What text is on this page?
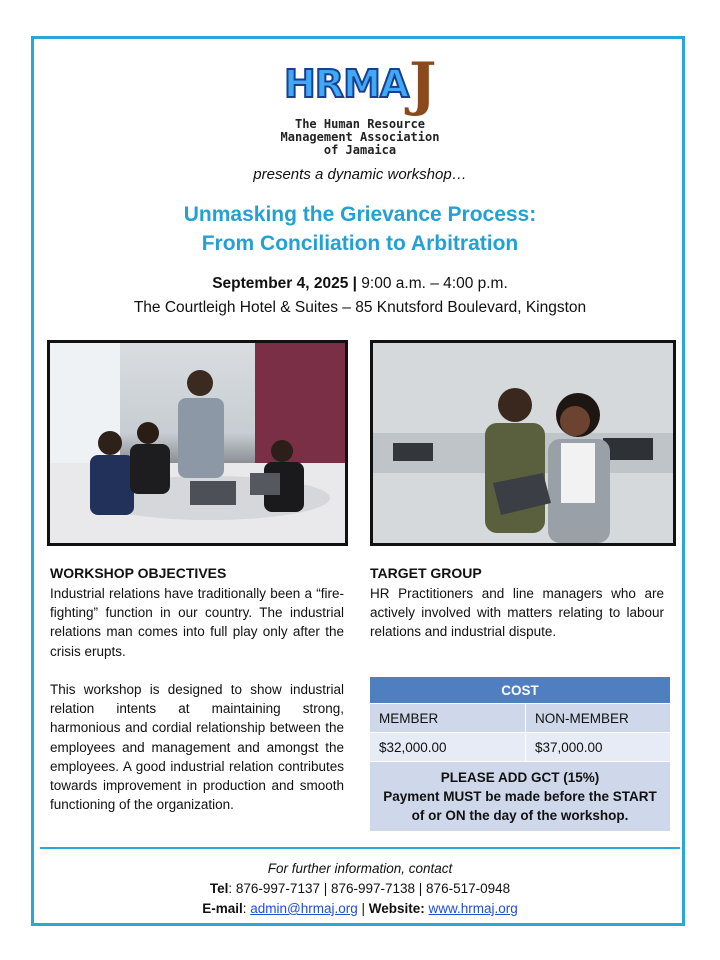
HRMA J
The Human Resource
Management Association
of Jamaica
presents a dynamic workshop…
Unmasking the Grievance Process:
From Conciliation to Arbitration
September 4, 2025 | 9:00 a.m. – 4:00 p.m.
The Courtleigh Hotel & Suites – 85 Knutsford Boulevard, Kingston
WORKSHOP OBJECTIVES
Industrial relations have traditionally been a “fire-fighting” function in our country. The industrial relations man comes into full play only after the crisis erupts.
This workshop is designed to show industrial relation intents at maintaining strong, harmonious and cordial relationship between the employees and management and amongst the employees. A good industrial relation contributes towards improvement in production and smooth functioning of the organization.
TARGET GROUP
HR Practitioners and line managers who are actively involved with matters relating to labour relations and industrial dispute.
COST	
MEMBER	NON-MEMBER
$32,000.00	$37,000.00

PLEASE ADD GCT (15%)
Payment MUST be made before the START
of or ON the day of the workshop.	
For further information, contact
Tel: 876-997-7137 | 876-997-7138 | 876-517-0948
E-mail: admin@hrmaj.org | Website: www.hrmaj.org
